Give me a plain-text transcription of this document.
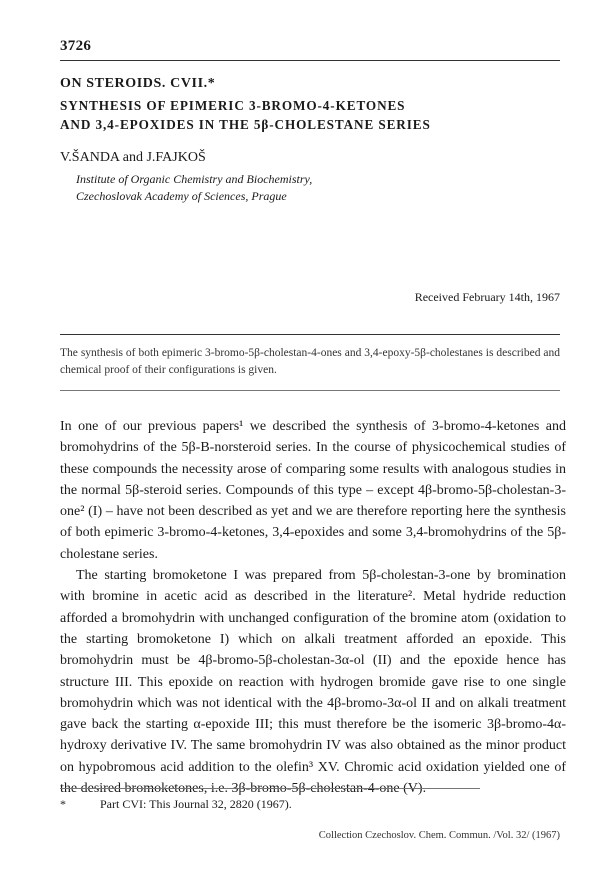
3726
ON STEROIDS. CVII.*
SYNTHESIS OF EPIMERIC 3-BROMO-4-KETONES
AND 3,4-EPOXIDES IN THE 5β-CHOLESTANE SERIES
V.ŠANDA and J.FAJKOŠ
Institute of Organic Chemistry and Biochemistry,
Czechoslovak Academy of Sciences, Prague
Received February 14th, 1967
The synthesis of both epimeric 3-bromo-5β-cholestan-4-ones and 3,4-epoxy-5β-cholestanes is described and chemical proof of their configurations is given.

In one of our previous papers¹ we described the synthesis of 3-bromo-4-ketones and bromohydrins of the 5β-B-norsteroid series. In the course of physicochemical studies of these compounds the necessity arose of comparing some results with analogous studies in the normal 5β-steroid series. Compounds of this type – except 4β-bromo-5β-cholestan-3-one² (I) – have not been described as yet and we are therefore reporting here the synthesis of both epimeric 3-bromo-4-ketones, 3,4-epoxides and some 3,4-bromohydrins of the 5β-cholestane series.

The starting bromoketone I was prepared from 5β-cholestan-3-one by bromination with bromine in acetic acid as described in the literature². Metal hydride reduction afforded a bromohydrin with unchanged configuration of the bromine atom (oxidation to the starting bromoketone I) which on alkali treatment afforded an epoxide. This bromohydrin must be 4β-bromo-5β-cholestan-3α-ol (II) and the epoxide hence has structure III. This epoxide on reaction with hydrogen bromide gave rise to one single bromohydrin which was not identical with the 4β-bromo-3α-ol II and on alkali treatment gave back the starting α-epoxide III; this must therefore be the isomeric 3β-bromo-4α-hydroxy derivative IV. The same bromohydrin IV was also obtained as the minor product on hypobromous acid addition to the olefin³ XV. Chromic acid oxidation yielded one of the desired bromoketones, i.e. 3β-bromo-5β-cholestan-4-one (V).

*	Part CVI: This Journal 32, 2820 (1967).
Collection Czechoslov. Chem. Commun. /Vol. 32/ (1967)
